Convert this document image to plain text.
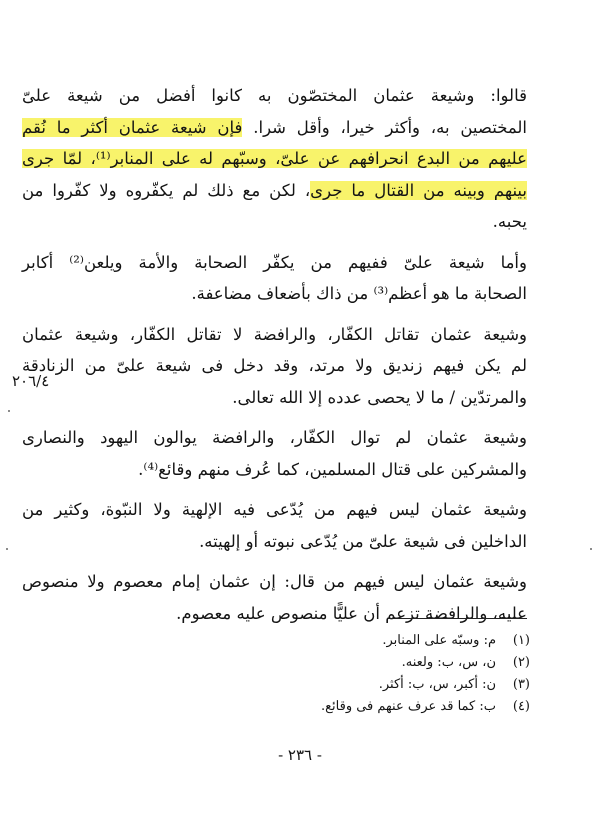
قالوا: وشيعة عثمان المختصّون به كانوا أفضل من شيعة علىّ
المختصين به، وأكثر خيرا، وأقل شرا. فإن شيعة عثمان أكثر ما نُقم
عليهم من البدع انحرافهم عن علىّ، وسبّهم له على المنابر⁽¹⁾، لمّا جرى
بينهم وبينه من القتال ما جرى، لكن مع ذلك لم يكفّروه ولا كفّروا من
يحبه.
وأما شيعة علىّ ففيهم من يكفّر الصحابة والأمة ويلعن⁽²⁾ أكابر
الصحابة ما هو أعظم⁽³⁾ من ذاك بأضعاف مضاعفة.
وشيعة عثمان تقاتل الكفّار، والرافضة لا تقاتل الكفّار، وشيعة عثمان
لم يكن فيهم زنديق ولا مرتد، وقد دخل فى شيعة علىّ من الزنادقة
والمرتدّين / ما لا يحصى عدده إلا الله تعالى.
وشيعة عثمان لم توال الكفّار، والرافضة يوالون اليهود والنصارى
والمشركين على قتال المسلمين، كما عُرف منهم وقائع⁽⁴⁾.
وشيعة عثمان ليس فيهم من يُدّعى فيه الإلهية ولا النبّوة، وكثير من
الداخلين فى شيعة علىّ من يُدّعى نبوته أو إلهيته.
وشيعة عثمان ليس فيهم من قال: إن عثمان إمام معصوم ولا منصوص
عليه، والرافضة تزعم أن عليًّا منصوص عليه معصوم.
٢٠٦/٤
(١)
م: وسبّه على المنابر.
(٢)
ن، س، ب: ولعنه.
(٣)
ن: أكبر، س، ب: أكثر.
(٤)
ب: كما قد عرف عنهم فى وقائع.
- ٢٣٦ -
